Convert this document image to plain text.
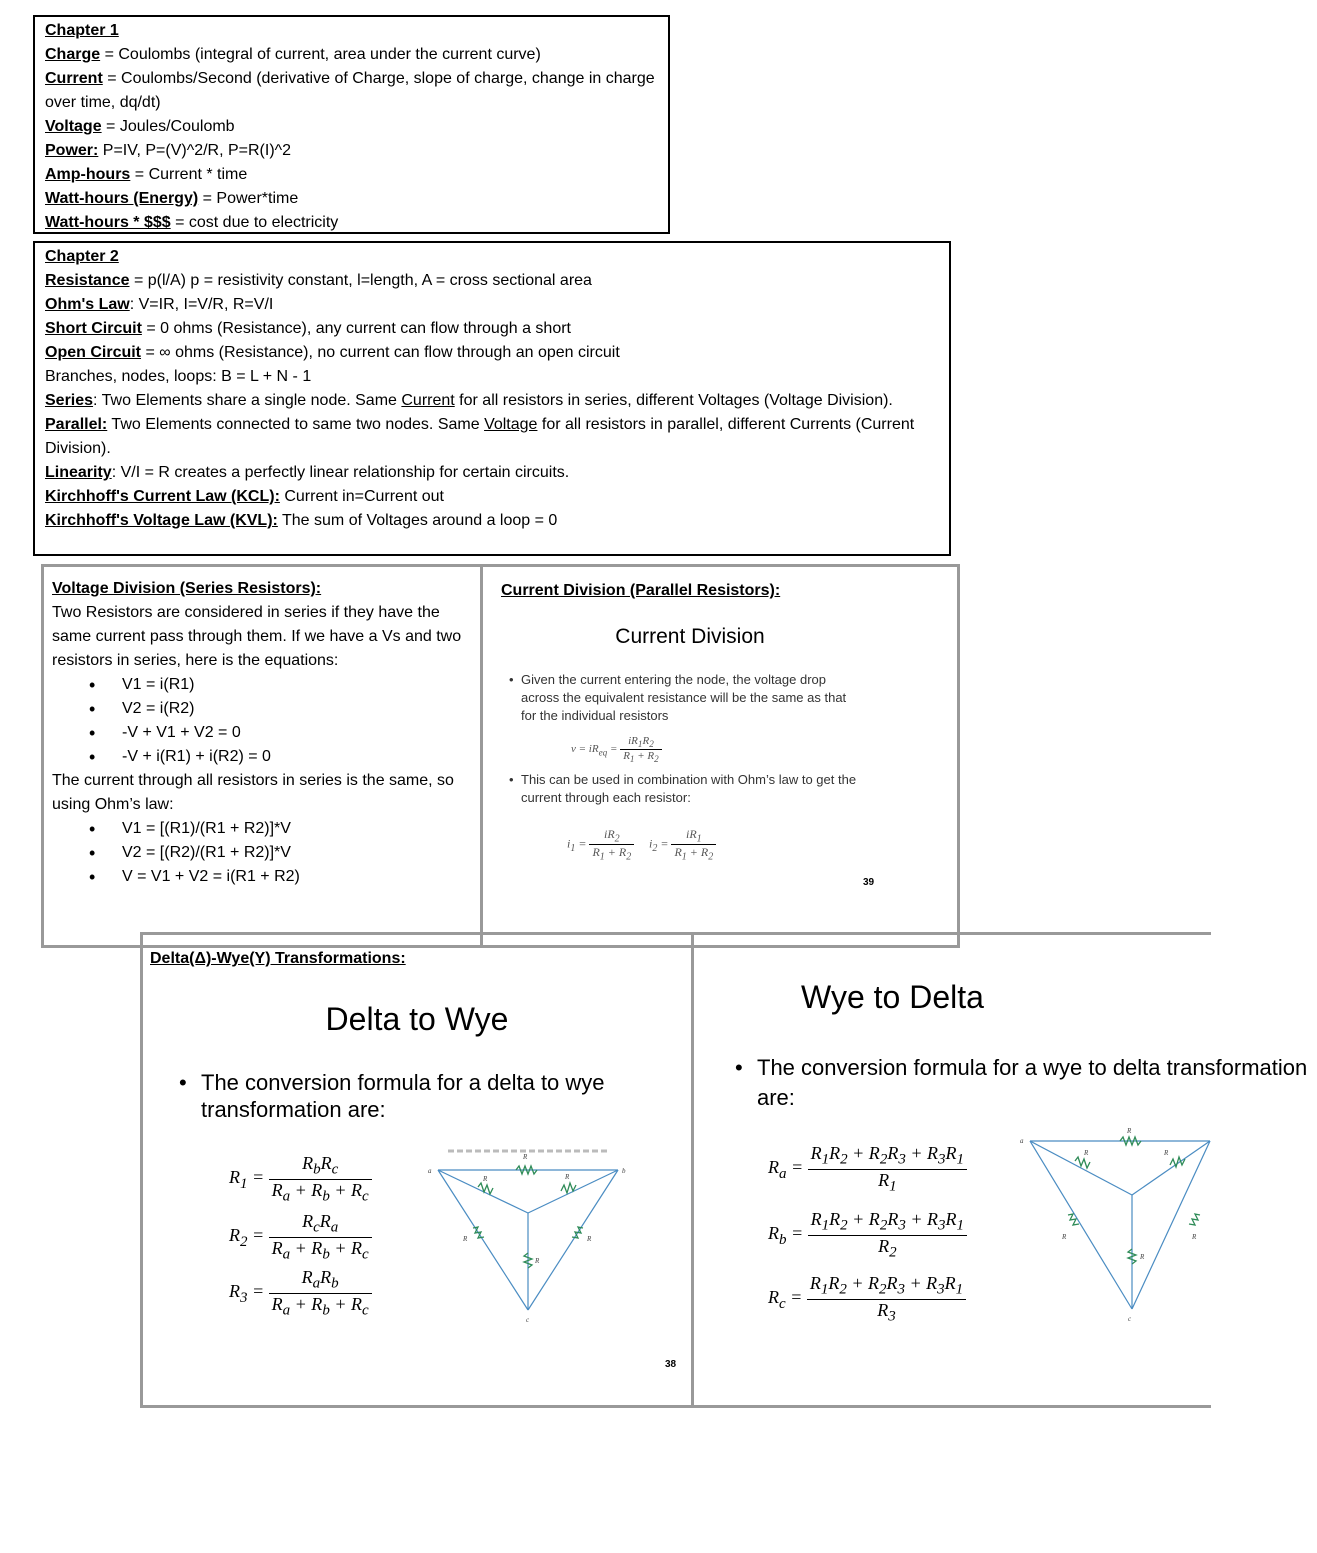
Chapter 1

Charge = Coulombs (integral of current, area under the current curve)

Current = Coulombs/Second (derivative of Charge, slope of charge, change in charge over time, dq/dt)

Voltage = Joules/Coulomb

Power: P=IV, P=(V)^2/R, P=R(I)^2

Amp-hours = Current * time

Watt-hours (Energy) = Power*time

Watt-hours * $$$ = cost due to electricity

Chapter 2

Resistance = p(l/A) p = resistivity constant, l=length, A = cross sectional area

Ohm's Law: V=IR, I=V/R, R=V/I

Short Circuit = 0 ohms (Resistance), any current can flow through a short

Open Circuit = ∞ ohms (Resistance), no current can flow through an open circuit

Branches, nodes, loops: B = L + N - 1

Series: Two Elements share a single node. Same Current for all resistors in series, different Voltages (Voltage Division).

Parallel: Two Elements connected to same two nodes. Same Voltage for all resistors in parallel, different Currents (Current Division).

Linearity: V/I = R creates a perfectly linear relationship for certain circuits.

Kirchhoff's Current Law (KCL): Current in=Current out

Kirchhoff's Voltage Law (KVL): The sum of Voltages around a loop = 0

Voltage Division (Series Resistors):

Two Resistors are considered in series if they have the same current pass through them. If we have a Vs and two resistors in series, here is the equations:

• V1 = i(R1)
• V2 = i(R2)
• -V + V1 + V2 = 0
• -V + i(R1) + i(R2) = 0

The current through all resistors in series is the same, so using Ohm’s law:

• V1 = [(R1)/(R1 + R2)]*V
• V2 = [(R2)/(R1 + R2)]*V
• V = V1 + V2 = i(R1 + R2)

Current Division (Parallel Resistors):

Current Division
• Given the current entering the node, the voltage drop across the equivalent resistance will be the same as that for the individual resistors
$v = iR_{eq} = \frac{iR_1R_2}{R_1 + R_2}$
• This can be used in combination with Ohm’s law to get the current through each resistor:
$i_1 = \frac{iR_2}{R_1 + R_2} i_2 = \frac{iR_1}{R_1 + R_2}$
39

Delta(Δ)-Wye(Y) Transformations:

Delta to Wye
• The conversion formula for a delta to wye transformation are:
$R_1 = \frac{R_bR_c}{R_a + R_b + R_c}$
$R_2 = \frac{R_cR_a}{R_a + R_b + R_c}$
$R_3 = \frac{R_aR_b}{R_a + R_b + R_c}$
R
R	R
R	R
R
a	b
c
38
Wye to Delta
• The conversion formula for a wye to delta transformation are:
$R_a = \frac{R_1R_2 + R_2R_3 + R_3R_1}{R_1}$
$R_b = \frac{R_1R_2 + R_2R_3 + R_3R_1}{R_2}$
$R_c = \frac{R_1R_2 + R_2R_3 + R_3R_1}{R_3}$
R
R	R
R	R
R
a
c
